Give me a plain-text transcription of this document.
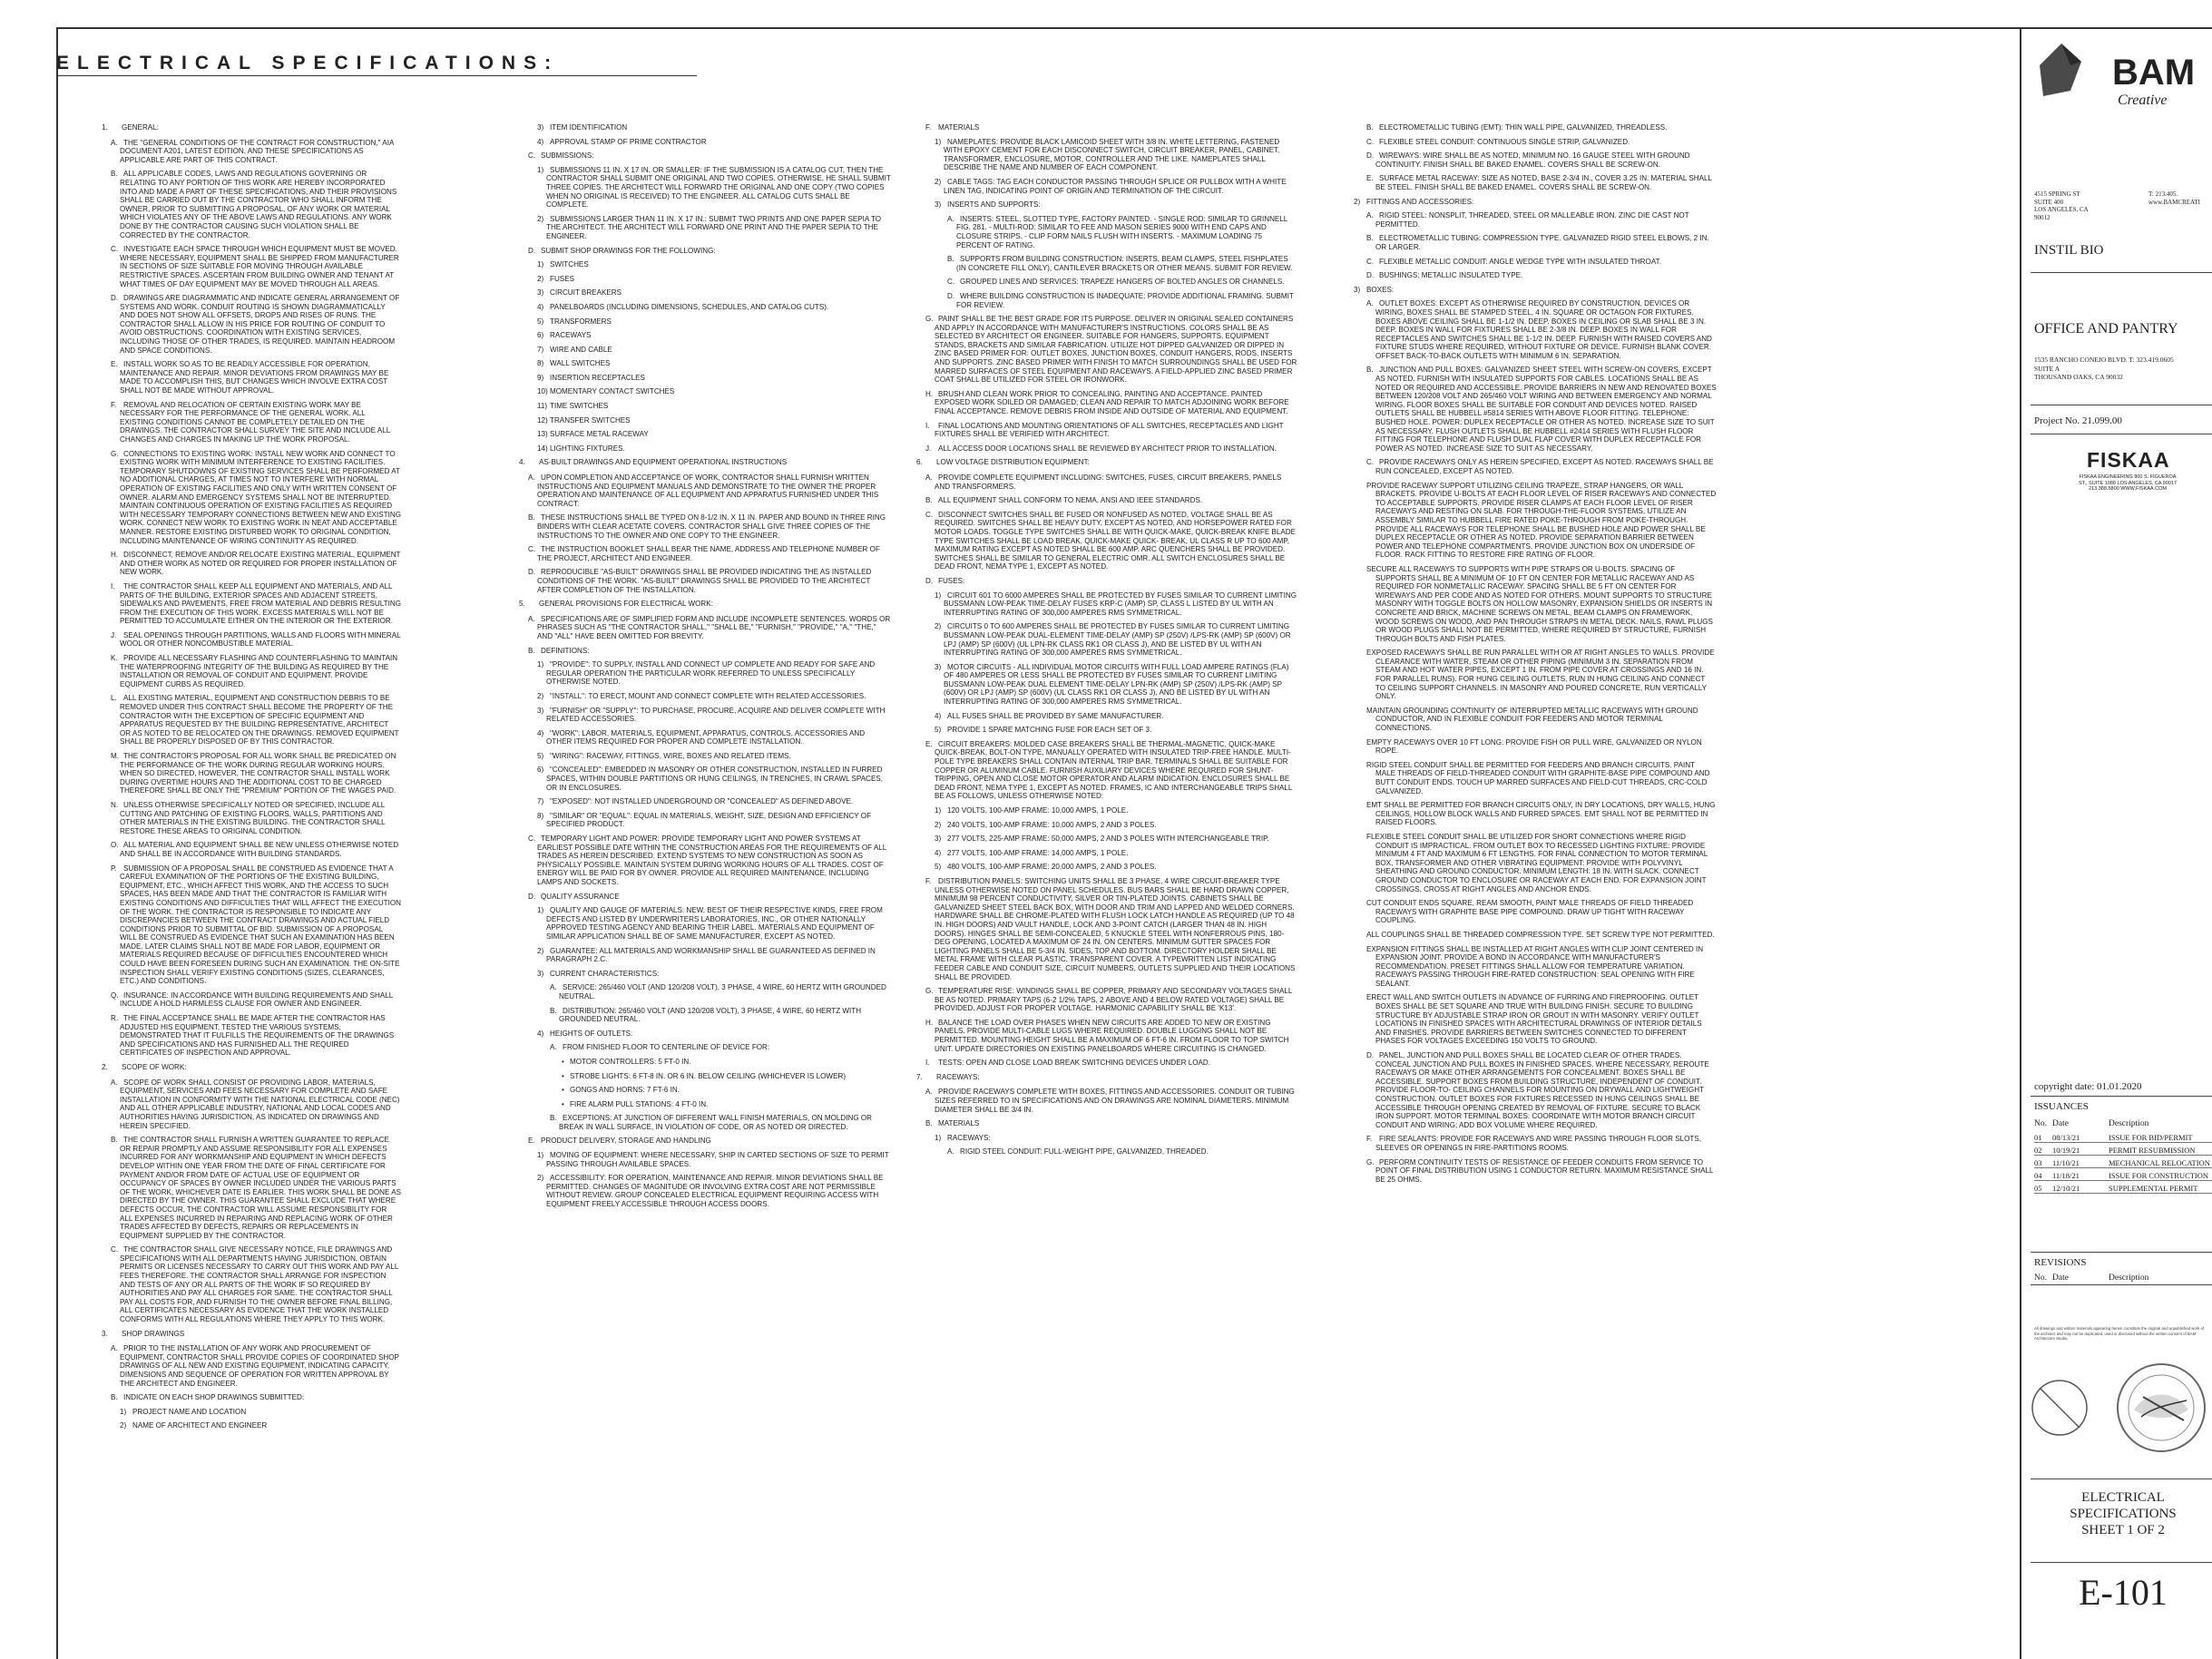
ELECTRICAL SPECIFICATIONS:

1. GENERAL:

A. THE "GENERAL CONDITIONS OF THE CONTRACT FOR CONSTRUCTION," AIA DOCUMENT A201, LATEST EDITION, AND THESE SPECIFICATIONS AS APPLICABLE ARE PART OF THIS CONTRACT.

B. ALL APPLICABLE CODES, LAWS AND REGULATIONS GOVERNING OR RELATING TO ANY PORTION OF THIS WORK ARE HEREBY INCORPORATED INTO AND MADE A PART OF THESE SPECIFICATIONS, AND THEIR PROVISIONS SHALL BE CARRIED OUT BY THE CONTRACTOR WHO SHALL INFORM THE OWNER, PRIOR TO SUBMITTING A PROPOSAL, OF ANY WORK OR MATERIAL WHICH VIOLATES ANY OF THE ABOVE LAWS AND REGULATIONS. ANY WORK DONE BY THE CONTRACTOR CAUSING SUCH VIOLATION SHALL BE CORRECTED BY THE CONTRACTOR.

C. INVESTIGATE EACH SPACE THROUGH WHICH EQUIPMENT MUST BE MOVED. WHERE NECESSARY, EQUIPMENT SHALL BE SHIPPED FROM MANUFACTURER IN SECTIONS OF SIZE SUITABLE FOR MOVING THROUGH AVAILABLE RESTRICTIVE SPACES. ASCERTAIN FROM BUILDING OWNER AND TENANT AT WHAT TIMES OF DAY EQUIPMENT MAY BE MOVED THROUGH ALL AREAS.

D. DRAWINGS ARE DIAGRAMMATIC AND INDICATE GENERAL ARRANGEMENT OF SYSTEMS AND WORK. CONDUIT ROUTING IS SHOWN DIAGRAMMATICALLY AND DOES NOT SHOW ALL OFFSETS, DROPS AND RISES OF RUNS. THE CONTRACTOR SHALL ALLOW IN HIS PRICE FOR ROUTING OF CONDUIT TO AVOID OBSTRUCTIONS. COORDINATION WITH EXISTING SERVICES, INCLUDING THOSE OF OTHER TRADES, IS REQUIRED. MAINTAIN HEADROOM AND SPACE CONDITIONS.

E. INSTALL WORK SO AS TO BE READILY ACCESSIBLE FOR OPERATION, MAINTENANCE AND REPAIR. MINOR DEVIATIONS FROM DRAWINGS MAY BE MADE TO ACCOMPLISH THIS, BUT CHANGES WHICH INVOLVE EXTRA COST SHALL NOT BE MADE WITHOUT APPROVAL.

F. REMOVAL AND RELOCATION OF CERTAIN EXISTING WORK MAY BE NECESSARY FOR THE PERFORMANCE OF THE GENERAL WORK. ALL EXISTING CONDITIONS CANNOT BE COMPLETELY DETAILED ON THE DRAWINGS. THE CONTRACTOR SHALL SURVEY THE SITE AND INCLUDE ALL CHANGES AND CHARGES IN MAKING UP THE WORK PROPOSAL.

G. CONNECTIONS TO EXISTING WORK: INSTALL NEW WORK AND CONNECT TO EXISTING WORK WITH MINIMUM INTERFERENCE TO EXISTING FACILITIES. TEMPORARY SHUTDOWNS OF EXISTING SERVICES SHALL BE PERFORMED AT NO ADDITIONAL CHARGES, AT TIMES NOT TO INTERFERE WITH NORMAL OPERATION OF EXISTING FACILITIES AND ONLY WITH WRITTEN CONSENT OF OWNER. ALARM AND EMERGENCY SYSTEMS SHALL NOT BE INTERRUPTED. MAINTAIN CONTINUOUS OPERATION OF EXISTING FACILITIES AS REQUIRED WITH NECESSARY TEMPORARY CONNECTIONS BETWEEN NEW AND EXISTING WORK. CONNECT NEW WORK TO EXISTING WORK IN NEAT AND ACCEPTABLE MANNER. RESTORE EXISTING DISTURBED WORK TO ORIGINAL CONDITION, INCLUDING MAINTENANCE OF WIRING CONTINUITY AS REQUIRED.

H. DISCONNECT, REMOVE AND/OR RELOCATE EXISTING MATERIAL, EQUIPMENT AND OTHER WORK AS NOTED OR REQUIRED FOR PROPER INSTALLATION OF NEW WORK.

I. THE CONTRACTOR SHALL KEEP ALL EQUIPMENT AND MATERIALS, AND ALL PARTS OF THE BUILDING, EXTERIOR SPACES AND ADJACENT STREETS, SIDEWALKS AND PAVEMENTS, FREE FROM MATERIAL AND DEBRIS RESULTING FROM THE EXECUTION OF THIS WORK. EXCESS MATERIALS WILL NOT BE PERMITTED TO ACCUMULATE EITHER ON THE INTERIOR OR THE EXTERIOR.

J. SEAL OPENINGS THROUGH PARTITIONS, WALLS AND FLOORS WITH MINERAL WOOL OR OTHER NONCOMBUSTIBLE MATERIAL.

K. PROVIDE ALL NECESSARY FLASHING AND COUNTERFLASHING TO MAINTAIN THE WATERPROOFING INTEGRITY OF THE BUILDING AS REQUIRED BY THE INSTALLATION OR REMOVAL OF CONDUIT AND EQUIPMENT. PROVIDE EQUIPMENT CURBS AS REQUIRED.

L. ALL EXISTING MATERIAL, EQUIPMENT AND CONSTRUCTION DEBRIS TO BE REMOVED UNDER THIS CONTRACT SHALL BECOME THE PROPERTY OF THE CONTRACTOR WITH THE EXCEPTION OF SPECIFIC EQUIPMENT AND APPARATUS REQUESTED BY THE BUILDING REPRESENTATIVE, ARCHITECT OR AS NOTED TO BE RELOCATED ON THE DRAWINGS. REMOVED EQUIPMENT SHALL BE PROPERLY DISPOSED OF BY THIS CONTRACTOR.

M. THE CONTRACTOR'S PROPOSAL FOR ALL WORK SHALL BE PREDICATED ON THE PERFORMANCE OF THE WORK DURING REGULAR WORKING HOURS. WHEN SO DIRECTED, HOWEVER, THE CONTRACTOR SHALL INSTALL WORK DURING OVERTIME HOURS AND THE ADDITIONAL COST TO BE CHARGED THEREFORE SHALL BE ONLY THE "PREMIUM" PORTION OF THE WAGES PAID.

N. UNLESS OTHERWISE SPECIFICALLY NOTED OR SPECIFIED, INCLUDE ALL CUTTING AND PATCHING OF EXISTING FLOORS, WALLS, PARTITIONS AND OTHER MATERIALS IN THE EXISTING BUILDING. THE CONTRACTOR SHALL RESTORE THESE AREAS TO ORIGINAL CONDITION.

O. ALL MATERIAL AND EQUIPMENT SHALL BE NEW UNLESS OTHERWISE NOTED AND SHALL BE IN ACCORDANCE WITH BUILDING STANDARDS.

P. SUBMISSION OF A PROPOSAL SHALL BE CONSTRUED AS EVIDENCE THAT A CAREFUL EXAMINATION OF THE PORTIONS OF THE EXISTING BUILDING, EQUIPMENT, ETC., WHICH AFFECT THIS WORK, AND THE ACCESS TO SUCH SPACES, HAS BEEN MADE AND THAT THE CONTRACTOR IS FAMILIAR WITH EXISTING CONDITIONS AND DIFFICULTIES THAT WILL AFFECT THE EXECUTION OF THE WORK. THE CONTRACTOR IS RESPONSIBLE TO INDICATE ANY DISCREPANCIES BETWEEN THE CONTRACT DRAWINGS AND ACTUAL FIELD CONDITIONS PRIOR TO SUBMITTAL OF BID. SUBMISSION OF A PROPOSAL WILL BE CONSTRUED AS EVIDENCE THAT SUCH AN EXAMINATION HAS BEEN MADE. LATER CLAIMS SHALL NOT BE MADE FOR LABOR, EQUIPMENT OR MATERIALS REQUIRED BECAUSE OF DIFFICULTIES ENCOUNTERED WHICH COULD HAVE BEEN FORESEEN DURING SUCH AN EXAMINATION. THE ON-SITE INSPECTION SHALL VERIFY EXISTING CONDITIONS (SIZES, CLEARANCES, ETC.) AND CONDITIONS.

Q. INSURANCE: IN ACCORDANCE WITH BUILDING REQUIREMENTS AND SHALL INCLUDE A HOLD HARMLESS CLAUSE FOR OWNER AND ENGINEER.

R. THE FINAL ACCEPTANCE SHALL BE MADE AFTER THE CONTRACTOR HAS ADJUSTED HIS EQUIPMENT, TESTED THE VARIOUS SYSTEMS, DEMONSTRATED THAT IT FULFILLS THE REQUIREMENTS OF THE DRAWINGS AND SPECIFICATIONS AND HAS FURNISHED ALL THE REQUIRED CERTIFICATES OF INSPECTION AND APPROVAL.

2. SCOPE OF WORK:

A. SCOPE OF WORK SHALL CONSIST OF PROVIDING LABOR, MATERIALS, EQUIPMENT, SERVICES AND FEES NECESSARY FOR COMPLETE AND SAFE INSTALLATION IN CONFORMITY WITH THE NATIONAL ELECTRICAL CODE (NEC) AND ALL OTHER APPLICABLE INDUSTRY, NATIONAL AND LOCAL CODES AND AUTHORITIES HAVING JURISDICTION, AS INDICATED ON DRAWINGS AND HEREIN SPECIFIED.

B. THE CONTRACTOR SHALL FURNISH A WRITTEN GUARANTEE TO REPLACE OR REPAIR PROMPTLY AND ASSUME RESPONSIBILITY FOR ALL EXPENSES INCURRED FOR ANY WORKMANSHIP AND EQUIPMENT IN WHICH DEFECTS DEVELOP WITHIN ONE YEAR FROM THE DATE OF FINAL CERTIFICATE FOR PAYMENT AND/OR FROM DATE OF ACTUAL USE OF EQUIPMENT OR OCCUPANCY OF SPACES BY OWNER INCLUDED UNDER THE VARIOUS PARTS OF THE WORK, WHICHEVER DATE IS EARLIER. THIS WORK SHALL BE DONE AS DIRECTED BY THE OWNER. THIS GUARANTEE SHALL EXCLUDE THAT WHERE DEFECTS OCCUR, THE CONTRACTOR WILL ASSUME RESPONSIBILITY FOR ALL EXPENSES INCURRED IN REPAIRING AND REPLACING WORK OF OTHER TRADES AFFECTED BY DEFECTS, REPAIRS OR REPLACEMENTS IN EQUIPMENT SUPPLIED BY THE CONTRACTOR.

C. THE CONTRACTOR SHALL GIVE NECESSARY NOTICE, FILE DRAWINGS AND SPECIFICATIONS WITH ALL DEPARTMENTS HAVING JURISDICTION, OBTAIN PERMITS OR LICENSES NECESSARY TO CARRY OUT THIS WORK AND PAY ALL FEES THEREFORE. THE CONTRACTOR SHALL ARRANGE FOR INSPECTION AND TESTS OF ANY OR ALL PARTS OF THE WORK IF SO REQUIRED BY AUTHORITIES AND PAY ALL CHARGES FOR SAME. THE CONTRACTOR SHALL PAY ALL COSTS FOR, AND FURNISH TO THE OWNER BEFORE FINAL BILLING, ALL CERTIFICATES NECESSARY AS EVIDENCE THAT THE WORK INSTALLED CONFORMS WITH ALL REGULATIONS WHERE THEY APPLY TO THIS WORK.

3. SHOP DRAWINGS

A. PRIOR TO THE INSTALLATION OF ANY WORK AND PROCUREMENT OF EQUIPMENT, CONTRACTOR SHALL PROVIDE COPIES OF COORDINATED SHOP DRAWINGS OF ALL NEW AND EXISTING EQUIPMENT, INDICATING CAPACITY, DIMENSIONS AND SEQUENCE OF OPERATION FOR WRITTEN APPROVAL BY THE ARCHITECT AND ENGINEER.

B. INDICATE ON EACH SHOP DRAWINGS SUBMITTED:

1) PROJECT NAME AND LOCATION

2) NAME OF ARCHITECT AND ENGINEER

3) ITEM IDENTIFICATION

4) APPROVAL STAMP OF PRIME CONTRACTOR

C. SUBMISSIONS:

1) SUBMISSIONS 11 IN. X 17 IN. OR SMALLER: IF THE SUBMISSION IS A CATALOG CUT, THEN THE CONTRACTOR SHALL SUBMIT ONE ORIGINAL AND TWO COPIES. OTHERWISE, HE SHALL SUBMIT THREE COPIES. THE ARCHITECT WILL FORWARD THE ORIGINAL AND ONE COPY (TWO COPIES WHEN NO ORIGINAL IS RECEIVED) TO THE ENGINEER. ALL CATALOG CUTS SHALL BE COMPLETE.

2) SUBMISSIONS LARGER THAN 11 IN. X 17 IN.: SUBMIT TWO PRINTS AND ONE PAPER SEPIA TO THE ARCHITECT. THE ARCHITECT WILL FORWARD ONE PRINT AND THE PAPER SEPIA TO THE ENGINEER.

D. SUBMIT SHOP DRAWINGS FOR THE FOLLOWING:

1) SWITCHES

2) FUSES

3) CIRCUIT BREAKERS

4) PANELBOARDS (INCLUDING DIMENSIONS, SCHEDULES, AND CATALOG CUTS).

5) TRANSFORMERS

6) RACEWAYS

7) WIRE AND CABLE

8) WALL SWITCHES

9) INSERTION RECEPTACLES

10) MOMENTARY CONTACT SWITCHES

11) TIME SWITCHES

12) TRANSFER SWITCHES

13) SURFACE METAL RACEWAY

14) LIGHTING FIXTURES.

4. AS-BUILT DRAWINGS AND EQUIPMENT OPERATIONAL INSTRUCTIONS

A. UPON COMPLETION AND ACCEPTANCE OF WORK, CONTRACTOR SHALL FURNISH WRITTEN INSTRUCTIONS AND EQUIPMENT MANUALS AND DEMONSTRATE TO THE OWNER THE PROPER OPERATION AND MAINTENANCE OF ALL EQUIPMENT AND APPARATUS FURNISHED UNDER THIS CONTRACT.

B. THESE INSTRUCTIONS SHALL BE TYPED ON 8-1/2 IN. X 11 IN. PAPER AND BOUND IN THREE RING BINDERS WITH CLEAR ACETATE COVERS. CONTRACTOR SHALL GIVE THREE COPIES OF THE INSTRUCTIONS TO THE OWNER AND ONE COPY TO THE ENGINEER.

C. THE INSTRUCTION BOOKLET SHALL BEAR THE NAME, ADDRESS AND TELEPHONE NUMBER OF THE PROJECT, ARCHITECT AND ENGINEER.

D. REPRODUCIBLE "AS-BUILT" DRAWINGS SHALL BE PROVIDED INDICATING THE AS INSTALLED CONDITIONS OF THE WORK. "AS-BUILT" DRAWINGS SHALL BE PROVIDED TO THE ARCHITECT AFTER COMPLETION OF THE INSTALLATION.

5. GENERAL PROVISIONS FOR ELECTRICAL WORK:

A. SPECIFICATIONS ARE OF SIMPLIFIED FORM AND INCLUDE INCOMPLETE SENTENCES. WORDS OR PHRASES SUCH AS "THE CONTRACTOR SHALL," "SHALL BE," "FURNISH," "PROVIDE," "A," "THE," AND "ALL" HAVE BEEN OMITTED FOR BREVITY.

B. DEFINITIONS:

1) "PROVIDE": TO SUPPLY, INSTALL AND CONNECT UP COMPLETE AND READY FOR SAFE AND REGULAR OPERATION THE PARTICULAR WORK REFERRED TO UNLESS SPECIFICALLY OTHERWISE NOTED.

2) "INSTALL": TO ERECT, MOUNT AND CONNECT COMPLETE WITH RELATED ACCESSORIES.

3) "FURNISH" OR "SUPPLY": TO PURCHASE, PROCURE, ACQUIRE AND DELIVER COMPLETE WITH RELATED ACCESSORIES.

4) "WORK": LABOR, MATERIALS, EQUIPMENT, APPARATUS, CONTROLS, ACCESSORIES AND OTHER ITEMS REQUIRED FOR PROPER AND COMPLETE INSTALLATION.

5) "WIRING": RACEWAY, FITTINGS, WIRE, BOXES AND RELATED ITEMS.

6) "CONCEALED": EMBEDDED IN MASONRY OR OTHER CONSTRUCTION, INSTALLED IN FURRED SPACES, WITHIN DOUBLE PARTITIONS OR HUNG CEILINGS, IN TRENCHES, IN CRAWL SPACES, OR IN ENCLOSURES.

7) "EXPOSED": NOT INSTALLED UNDERGROUND OR "CONCEALED" AS DEFINED ABOVE.

8) "SIMILAR" OR "EQUAL": EQUAL IN MATERIALS, WEIGHT, SIZE, DESIGN AND EFFICIENCY OF SPECIFIED PRODUCT.

C. TEMPORARY LIGHT AND POWER: PROVIDE TEMPORARY LIGHT AND POWER SYSTEMS AT EARLIEST POSSIBLE DATE WITHIN THE CONSTRUCTION AREAS FOR THE REQUIREMENTS OF ALL TRADES AS HEREIN DESCRIBED. EXTEND SYSTEMS TO NEW CONSTRUCTION AS SOON AS PHYSICALLY POSSIBLE. MAINTAIN SYSTEM DURING WORKING HOURS OF ALL TRADES. COST OF ENERGY WILL BE PAID FOR BY OWNER. PROVIDE ALL REQUIRED MAINTENANCE, INCLUDING LAMPS AND SOCKETS.

D. QUALITY ASSURANCE

1) QUALITY AND GAUGE OF MATERIALS: NEW, BEST OF THEIR RESPECTIVE KINDS, FREE FROM DEFECTS AND LISTED BY UNDERWRITERS LABORATORIES, INC., OR OTHER NATIONALLY APPROVED TESTING AGENCY AND BEARING THEIR LABEL. MATERIALS AND EQUIPMENT OF SIMILAR APPLICATION SHALL BE OF SAME MANUFACTURER, EXCEPT AS NOTED.

2) GUARANTEE: ALL MATERIALS AND WORKMANSHIP SHALL BE GUARANTEED AS DEFINED IN PARAGRAPH 2.C.

3) CURRENT CHARACTERISTICS:

A. SERVICE: 265/460 VOLT (AND 120/208 VOLT), 3 PHASE, 4 WIRE, 60 HERTZ WITH GROUNDED NEUTRAL.

B. DISTRIBUTION: 265/460 VOLT (AND 120/208 VOLT), 3 PHASE, 4 WIRE, 60 HERTZ WITH GROUNDED NEUTRAL.

4) HEIGHTS OF OUTLETS:

A. FROM FINISHED FLOOR TO CENTERLINE OF DEVICE FOR:

• MOTOR CONTROLLERS: 5 FT-0 IN.

• STROBE LIGHTS: 6 FT-8 IN. OR 6 IN. BELOW CEILING (WHICHEVER IS LOWER)

• GONGS AND HORNS: 7 FT-6 IN.

• FIRE ALARM PULL STATIONS: 4 FT-0 IN.

B. EXCEPTIONS: AT JUNCTION OF DIFFERENT WALL FINISH MATERIALS, ON MOLDING OR BREAK IN WALL SURFACE, IN VIOLATION OF CODE, OR AS NOTED OR DIRECTED.

E. PRODUCT DELIVERY, STORAGE AND HANDLING

1) MOVING OF EQUIPMENT: WHERE NECESSARY, SHIP IN CARTED SECTIONS OF SIZE TO PERMIT PASSING THROUGH AVAILABLE SPACES.

2) ACCESSIBILITY: FOR OPERATION, MAINTENANCE AND REPAIR. MINOR DEVIATIONS SHALL BE PERMITTED. CHANGES OF MAGNITUDE OR INVOLVING EXTRA COST ARE NOT PERMISSIBLE WITHOUT REVIEW. GROUP CONCEALED ELECTRICAL EQUIPMENT REQUIRING ACCESS WITH EQUIPMENT FREELY ACCESSIBLE THROUGH ACCESS DOORS.

F. MATERIALS

1) NAMEPLATES: PROVIDE BLACK LAMICOID SHEET WITH 3/8 IN. WHITE LETTERING, FASTENED WITH EPOXY CEMENT FOR EACH DISCONNECT SWITCH, CIRCUIT BREAKER, PANEL, CABINET, TRANSFORMER, ENCLOSURE, MOTOR, CONTROLLER AND THE LIKE. NAMEPLATES SHALL DESCRIBE THE NAME AND NUMBER OF EACH COMPONENT.

2) CABLE TAGS: TAG EACH CONDUCTOR PASSING THROUGH SPLICE OR PULLBOX WITH A WHITE LINEN TAG, INDICATING POINT OF ORIGIN AND TERMINATION OF THE CIRCUIT.

3) INSERTS AND SUPPORTS:

A. INSERTS: STEEL, SLOTTED TYPE, FACTORY PAINTED. - SINGLE ROD: SIMILAR TO GRINNELL FIG. 281. - MULTI-ROD: SIMILAR TO FEE AND MASON SERIES 9000 WITH END CAPS AND CLOSURE STRIPS. - CLIP FORM NAILS FLUSH WITH INSERTS. - MAXIMUM LOADING 75 PERCENT OF RATING.

B. SUPPORTS FROM BUILDING CONSTRUCTION: INSERTS, BEAM CLAMPS, STEEL FISHPLATES (IN CONCRETE FILL ONLY), CANTILEVER BRACKETS OR OTHER MEANS. SUBMIT FOR REVIEW.

C. GROUPED LINES AND SERVICES: TRAPEZE HANGERS OF BOLTED ANGLES OR CHANNELS.

D. WHERE BUILDING CONSTRUCTION IS INADEQUATE: PROVIDE ADDITIONAL FRAMING. SUBMIT FOR REVIEW.

G. PAINT SHALL BE THE BEST GRADE FOR ITS PURPOSE. DELIVER IN ORIGINAL SEALED CONTAINERS AND APPLY IN ACCORDANCE WITH MANUFACTURER'S INSTRUCTIONS. COLORS SHALL BE AS SELECTED BY ARCHITECT OR ENGINEER. SUITABLE FOR HANGERS, SUPPORTS, EQUIPMENT STANDS, BRACKETS AND SIMILAR FABRICATION. UTILIZE HOT DIPPED GALVANIZED OR DIPPED IN ZINC BASED PRIMER FOR: OUTLET BOXES, JUNCTION BOXES, CONDUIT HANGERS, RODS, INSERTS AND SUPPORTS. ZINC BASED PRIMER WITH FINISH TO MATCH SURROUNDINGS SHALL BE USED FOR MARRED SURFACES OF STEEL EQUIPMENT AND RACEWAYS. A FIELD-APPLIED ZINC BASED PRIMER COAT SHALL BE UTILIZED FOR STEEL OR IRONWORK.

H. BRUSH AND CLEAN WORK PRIOR TO CONCEALING, PAINTING AND ACCEPTANCE. PAINTED EXPOSED WORK SOILED OR DAMAGED; CLEAN AND REPAIR TO MATCH ADJOINING WORK BEFORE FINAL ACCEPTANCE. REMOVE DEBRIS FROM INSIDE AND OUTSIDE OF MATERIAL AND EQUIPMENT.

I. FINAL LOCATIONS AND MOUNTING ORIENTATIONS OF ALL SWITCHES, RECEPTACLES AND LIGHT FIXTURES SHALL BE VERIFIED WITH ARCHITECT.

J. ALL ACCESS DOOR LOCATIONS SHALL BE REVIEWED BY ARCHITECT PRIOR TO INSTALLATION.

6. LOW VOLTAGE DISTRIBUTION EQUIPMENT:

A. PROVIDE COMPLETE EQUIPMENT INCLUDING: SWITCHES, FUSES, CIRCUIT BREAKERS, PANELS AND TRANSFORMERS.

B. ALL EQUIPMENT SHALL CONFORM TO NEMA, ANSI AND IEEE STANDARDS.

C. DISCONNECT SWITCHES SHALL BE FUSED OR NONFUSED AS NOTED, VOLTAGE SHALL BE AS REQUIRED. SWITCHES SHALL BE HEAVY DUTY, EXCEPT AS NOTED, AND HORSEPOWER RATED FOR MOTOR LOADS. TOGGLE TYPE SWITCHES SHALL BE WITH QUICK-MAKE, QUICK-BREAK KNIFE BLADE TYPE SWITCHES SHALL BE LOAD BREAK, QUICK-MAKE QUICK- BREAK, UL CLASS R UP TO 600 AMP, MAXIMUM RATING EXCEPT AS NOTED SHALL BE 600 AMP. ARC QUENCHERS SHALL BE PROVIDED. SWITCHES SHALL BE SIMILAR TO GENERAL ELECTRIC OMR. ALL SWITCH ENCLOSURES SHALL BE DEAD FRONT, NEMA TYPE 1, EXCEPT AS NOTED.

D. FUSES:

1) CIRCUIT 601 TO 6000 AMPERES SHALL BE PROTECTED BY FUSES SIMILAR TO CURRENT LIMITING BUSSMANN LOW-PEAK TIME-DELAY FUSES KRP-C (AMP) SP, CLASS L LISTED BY UL WITH AN INTERRUPTING RATING OF 300,000 AMPERES RMS SYMMETRICAL.

2) CIRCUITS 0 TO 600 AMPERES SHALL BE PROTECTED BY FUSES SIMILAR TO CURRENT LIMITING BUSSMANN LOW-PEAK DUAL-ELEMENT TIME-DELAY (AMP) SP (250V) /LPS-RK (AMP) SP (600V) OR LPJ (AMP) SP (600V) (UL LPN-RK CLASS RK1 OR CLASS J), AND BE LISTED BY UL WITH AN INTERRUPTING RATING OF 300,000 AMPERES RMS SYMMETRICAL.

3) MOTOR CIRCUITS - ALL INDIVIDUAL MOTOR CIRCUITS WITH FULL LOAD AMPERE RATINGS (FLA) OF 480 AMPERES OR LESS SHALL BE PROTECTED BY FUSES SIMILAR TO CURRENT LIMITING BUSSMANN LOW-PEAK DUAL ELEMENT TIME-DELAY LPN-RK (AMP) SP (250V) /LPS-RK (AMP) SP (600V) OR LPJ (AMP) SP (600V) (UL CLASS RK1 OR CLASS J), AND BE LISTED BY UL WITH AN INTERRUPTING RATING OF 300,000 AMPERES RMS SYMMETRICAL.

4) ALL FUSES SHALL BE PROVIDED BY SAME MANUFACTURER.

5) PROVIDE 1 SPARE MATCHING FUSE FOR EACH SET OF 3.

E. CIRCUIT BREAKERS: MOLDED CASE BREAKERS SHALL BE THERMAL-MAGNETIC, QUICK-MAKE QUICK-BREAK, BOLT-ON TYPE, MANUALLY OPERATED WITH INSULATED TRIP-FREE HANDLE. MULTI-POLE TYPE BREAKERS SHALL CONTAIN INTERNAL TRIP BAR. TERMINALS SHALL BE SUITABLE FOR COPPER OR ALUMINUM CABLE. FURNISH AUXILIARY DEVICES WHERE REQUIRED FOR SHUNT-TRIPPING, OPEN AND CLOSE MOTOR OPERATOR AND ALARM INDICATION. ENCLOSURES SHALL BE DEAD FRONT, NEMA TYPE 1, EXCEPT AS NOTED. FRAMES, IC AND INTERCHANGEABLE TRIPS SHALL BE AS FOLLOWS, UNLESS OTHERWISE NOTED:

1) 120 VOLTS, 100-AMP FRAME: 10,000 AMPS, 1 POLE.

2) 240 VOLTS, 100-AMP FRAME: 10,000 AMPS, 2 AND 3 POLES.

3) 277 VOLTS, 225-AMP FRAME: 50,000 AMPS, 2 AND 3 POLES WITH INTERCHANGEABLE TRIP.

4) 277 VOLTS, 100-AMP FRAME: 14,000 AMPS, 1 POLE.

5) 480 VOLTS, 100-AMP FRAME: 20,000 AMPS, 2 AND 3 POLES.

F. DISTRIBUTION PANELS: SWITCHING UNITS SHALL BE 3 PHASE, 4 WIRE CIRCUIT-BREAKER TYPE UNLESS OTHERWISE NOTED ON PANEL SCHEDULES. BUS BARS SHALL BE HARD DRAWN COPPER, MINIMUM 98 PERCENT CONDUCTIVITY, SILVER OR TIN-PLATED JOINTS. CABINETS SHALL BE GALVANIZED SHEET STEEL BACK BOX, WITH DOOR AND TRIM AND LAPPED AND WELDED CORNERS. HARDWARE SHALL BE CHROME-PLATED WITH FLUSH LOCK LATCH HANDLE AS REQUIRED (UP TO 48 IN. HIGH DOORS) AND VAULT HANDLE, LOCK AND 3-POINT CATCH (LARGER THAN 48 IN. HIGH DOORS). HINGES SHALL BE SEMI-CONCEALED, 5 KNUCKLE STEEL WITH NONFERROUS PINS, 180-DEG OPENING, LOCATED A MAXIMUM OF 24 IN. ON CENTERS. MINIMUM GUTTER SPACES FOR LIGHTING PANELS SHALL BE 5-3/4 IN. SIDES, TOP AND BOTTOM. DIRECTORY HOLDER SHALL BE METAL FRAME WITH CLEAR PLASTIC, TRANSPARENT COVER. A TYPEWRITTEN LIST INDICATING FEEDER CABLE AND CONDUIT SIZE, CIRCUIT NUMBERS, OUTLETS SUPPLIED AND THEIR LOCATIONS SHALL BE PROVIDED.

G. TEMPERATURE RISE: WINDINGS SHALL BE COPPER, PRIMARY AND SECONDARY VOLTAGES SHALL BE AS NOTED. PRIMARY TAPS (6-2 1/2% TAPS, 2 ABOVE AND 4 BELOW RATED VOLTAGE) SHALL BE PROVIDED. ADJUST FOR PROPER VOLTAGE. HARMONIC CAPABILITY SHALL BE 'K13'.

H. BALANCE THE LOAD OVER PHASES WHEN NEW CIRCUITS ARE ADDED TO NEW OR EXISTING PANELS. PROVIDE MULTI-CABLE LUGS WHERE REQUIRED. DOUBLE LUGGING SHALL NOT BE PERMITTED. MOUNTING HEIGHT SHALL BE A MAXIMUM OF 6 FT-6 IN. FROM FLOOR TO TOP SWITCH UNIT. UPDATE DIRECTORIES ON EXISTING PANELBOARDS WHERE CIRCUITING IS CHANGED.

I. TESTS: OPEN AND CLOSE LOAD BREAK SWITCHING DEVICES UNDER LOAD.

7. RACEWAYS:

A. PROVIDE RACEWAYS COMPLETE WITH BOXES, FITTINGS AND ACCESSORIES. CONDUIT OR TUBING SIZES REFERRED TO IN SPECIFICATIONS AND ON DRAWINGS ARE NOMINAL DIAMETERS. MINIMUM DIAMETER SHALL BE 3/4 IN.

B. MATERIALS

1) RACEWAYS:

A. RIGID STEEL CONDUIT: FULL-WEIGHT PIPE, GALVANIZED, THREADED.

B. ELECTROMETALLIC TUBING (EMT): THIN WALL PIPE, GALVANIZED, THREADLESS.

C. FLEXIBLE STEEL CONDUIT: CONTINUOUS SINGLE STRIP, GALVANIZED.

D. WIREWAYS: WIRE SHALL BE AS NOTED, MINIMUM NO. 16 GAUGE STEEL WITH GROUND CONTINUITY. FINISH SHALL BE BAKED ENAMEL. COVERS SHALL BE SCREW-ON.

E. SURFACE METAL RACEWAY: SIZE AS NOTED, BASE 2-3/4 IN., COVER 3.25 IN. MATERIAL SHALL BE STEEL. FINISH SHALL BE BAKED ENAMEL. COVERS SHALL BE SCREW-ON.

2) FITTINGS AND ACCESSORIES:

A. RIGID STEEL: NONSPLIT, THREADED, STEEL OR MALLEABLE IRON. ZINC DIE CAST NOT PERMITTED.

B. ELECTROMETALLIC TUBING: COMPRESSION TYPE. GALVANIZED RIGID STEEL ELBOWS, 2 IN. OR LARGER.

C. FLEXIBLE METALLIC CONDUIT: ANGLE WEDGE TYPE WITH INSULATED THROAT.

D. BUSHINGS: METALLIC INSULATED TYPE.

3) BOXES:

A. OUTLET BOXES: EXCEPT AS OTHERWISE REQUIRED BY CONSTRUCTION, DEVICES OR WIRING, BOXES SHALL BE STAMPED STEEL, 4 IN. SQUARE OR OCTAGON FOR FIXTURES. BOXES ABOVE CEILING SHALL BE 1-1/2 IN. DEEP. BOXES IN CEILING OR SLAB SHALL BE 3 IN. DEEP. BOXES IN WALL FOR FIXTURES SHALL BE 2-3/8 IN. DEEP. BOXES IN WALL FOR RECEPTACLES AND SWITCHES SHALL BE 1-1/2 IN. DEEP. FURNISH WITH RAISED COVERS AND FIXTURE STUDS WHERE REQUIRED, WITHOUT FIXTURE OR DEVICE. FURNISH BLANK COVER. OFFSET BACK-TO-BACK OUTLETS WITH MINIMUM 6 IN. SEPARATION.

B. JUNCTION AND PULL BOXES: GALVANIZED SHEET STEEL WITH SCREW-ON COVERS, EXCEPT AS NOTED. FURNISH WITH INSULATED SUPPORTS FOR CABLES. LOCATIONS SHALL BE AS NOTED OR REQUIRED AND ACCESSIBLE. PROVIDE BARRIERS IN NEW AND RENOVATED BOXES BETWEEN 120/208 VOLT AND 265/460 VOLT WIRING AND BETWEEN EMERGENCY AND NORMAL WIRING. FLOOR BOXES SHALL BE SUITABLE FOR CONDUIT AND DEVICES NOTED. RAISED OUTLETS SHALL BE HUBBELL #5814 SERIES WITH ABOVE FLOOR FITTING. TELEPHONE: BUSHED HOLE. POWER: DUPLEX RECEPTACLE OR OTHER AS NOTED. INCREASE SIZE TO SUIT AS NECESSARY. FLUSH OUTLETS SHALL BE HUBBELL #2414 SERIES WITH FLUSH FLOOR FITTING FOR TELEPHONE AND FLUSH DUAL FLAP COVER WITH DUPLEX RECEPTACLE FOR POWER AS NOTED. INCREASE SIZE TO SUIT AS NECESSARY.

C. PROVIDE RACEWAYS ONLY AS HEREIN SPECIFIED, EXCEPT AS NOTED. RACEWAYS SHALL BE RUN CONCEALED, EXCEPT AS NOTED.

PROVIDE RACEWAY SUPPORT UTILIZING CEILING TRAPEZE, STRAP HANGERS, OR WALL BRACKETS. PROVIDE U-BOLTS AT EACH FLOOR LEVEL OF RISER RACEWAYS AND CONNECTED TO ACCEPTABLE SUPPORTS. PROVIDE RISER CLAMPS AT EACH FLOOR LEVEL OF RISER RACEWAYS AND RESTING ON SLAB. FOR THROUGH-THE-FLOOR SYSTEMS, UTILIZE AN ASSEMBLY SIMILAR TO HUBBELL FIRE RATED POKE-THROUGH FROM POKE-THROUGH. PROVIDE ALL RACEWAYS FOR TELEPHONE SHALL BE BUSHED HOLE AND POWER SHALL BE DUPLEX RECEPTACLE OR OTHER AS NOTED. PROVIDE SEPARATION BARRIER BETWEEN POWER AND TELEPHONE COMPARTMENTS. PROVIDE JUNCTION BOX ON UNDERSIDE OF FLOOR. RACK FITTING TO RESTORE FIRE RATING OF FLOOR.

SECURE ALL RACEWAYS TO SUPPORTS WITH PIPE STRAPS OR U-BOLTS. SPACING OF SUPPORTS SHALL BE A MINIMUM OF 10 FT ON CENTER FOR METALLIC RACEWAY AND AS REQUIRED FOR NONMETALLIC RACEWAY. SPACING SHALL BE 5 FT ON CENTER FOR WIREWAYS AND PER CODE AND AS NOTED FOR OTHERS. MOUNT SUPPORTS TO STRUCTURE MASONRY WITH TOGGLE BOLTS ON HOLLOW MASONRY, EXPANSION SHIELDS OR INSERTS IN CONCRETE AND BRICK, MACHINE SCREWS ON METAL, BEAM CLAMPS ON FRAMEWORK, WOOD SCREWS ON WOOD, AND PAN THROUGH STRAPS IN METAL DECK. NAILS, RAWL PLUGS OR WOOD PLUGS SHALL NOT BE PERMITTED, WHERE REQUIRED BY STRUCTURE, FURNISH THROUGH BOLTS AND FISH PLATES.

EXPOSED RACEWAYS SHALL BE RUN PARALLEL WITH OR AT RIGHT ANGLES TO WALLS. PROVIDE CLEARANCE WITH WATER, STEAM OR OTHER PIPING (MINIMUM 3 IN. SEPARATION FROM STEAM AND HOT WATER PIPES, EXCEPT 1 IN. FROM PIPE COVER AT CROSSINGS AND 16 IN. FOR PARALLEL RUNS). FOR HUNG CEILING OUTLETS, RUN IN HUNG CEILING AND CONNECT TO CEILING SUPPORT CHANNELS. IN MASONRY AND POURED CONCRETE, RUN VERTICALLY ONLY.

MAINTAIN GROUNDING CONTINUITY OF INTERRUPTED METALLIC RACEWAYS WITH GROUND CONDUCTOR, AND IN FLEXIBLE CONDUIT FOR FEEDERS AND MOTOR TERMINAL CONNECTIONS.

EMPTY RACEWAYS OVER 10 FT LONG: PROVIDE FISH OR PULL WIRE, GALVANIZED OR NYLON ROPE.

RIGID STEEL CONDUIT SHALL BE PERMITTED FOR FEEDERS AND BRANCH CIRCUITS. PAINT MALE THREADS OF FIELD-THREADED CONDUIT WITH GRAPHITE-BASE PIPE COMPOUND AND BUTT CONDUIT ENDS. TOUCH UP MARRED SURFACES AND FIELD-CUT THREADS, CRC-COLD GALVANIZED.

EMT SHALL BE PERMITTED FOR BRANCH CIRCUITS ONLY, IN DRY LOCATIONS, DRY WALLS, HUNG CEILINGS, HOLLOW BLOCK WALLS AND FURRED SPACES. EMT SHALL NOT BE PERMITTED IN RAISED FLOORS.

FLEXIBLE STEEL CONDUIT SHALL BE UTILIZED FOR SHORT CONNECTIONS WHERE RIGID CONDUIT IS IMPRACTICAL. FROM OUTLET BOX TO RECESSED LIGHTING FIXTURE: PROVIDE MINIMUM 4 FT AND MAXIMUM 6 FT LENGTHS. FOR FINAL CONNECTION TO MOTOR TERMINAL BOX, TRANSFORMER AND OTHER VIBRATING EQUIPMENT: PROVIDE WITH POLYVINYL SHEATHING AND GROUND CONDUCTOR. MINIMUM LENGTH: 18 IN. WITH SLACK. CONNECT GROUND CONDUCTOR TO ENCLOSURE OR RACEWAY AT EACH END. FOR EXPANSION JOINT CROSSINGS, CROSS AT RIGHT ANGLES AND ANCHOR ENDS.

CUT CONDUIT ENDS SQUARE, REAM SMOOTH, PAINT MALE THREADS OF FIELD THREADED RACEWAYS WITH GRAPHITE BASE PIPE COMPOUND. DRAW UP TIGHT WITH RACEWAY COUPLING.

ALL COUPLINGS SHALL BE THREADED COMPRESSION TYPE. SET SCREW TYPE NOT PERMITTED.

EXPANSION FITTINGS SHALL BE INSTALLED AT RIGHT ANGLES WITH CLIP JOINT CENTERED IN EXPANSION JOINT. PROVIDE A BOND IN ACCORDANCE WITH MANUFACTURER'S RECOMMENDATION. PRESET FITTINGS SHALL ALLOW FOR TEMPERATURE VARIATION. RACEWAYS PASSING THROUGH FIRE-RATED CONSTRUCTION: SEAL OPENING WITH FIRE SEALANT.

ERECT WALL AND SWITCH OUTLETS IN ADVANCE OF FURRING AND FIREPROOFING. OUTLET BOXES SHALL BE SET SQUARE AND TRUE WITH BUILDING FINISH. SECURE TO BUILDING STRUCTURE BY ADJUSTABLE STRAP IRON OR GROUT IN WITH MASONRY. VERIFY OUTLET LOCATIONS IN FINISHED SPACES WITH ARCHITECTURAL DRAWINGS OF INTERIOR DETAILS AND FINISHES. PROVIDE BARRIERS BETWEEN SWITCHES CONNECTED TO DIFFERENT PHASES FOR VOLTAGES EXCEEDING 150 VOLTS TO GROUND.

D. PANEL, JUNCTION AND PULL BOXES SHALL BE LOCATED CLEAR OF OTHER TRADES. CONCEAL JUNCTION AND PULL BOXES IN FINISHED SPACES. WHERE NECESSARY, REROUTE RACEWAYS OR MAKE OTHER ARRANGEMENTS FOR CONCEALMENT. BOXES SHALL BE ACCESSIBLE. SUPPORT BOXES FROM BUILDING STRUCTURE, INDEPENDENT OF CONDUIT. PROVIDE FLOOR-TO- CEILING CHANNELS FOR MOUNTING ON DRYWALL AND LIGHTWEIGHT CONSTRUCTION. OUTLET BOXES FOR FIXTURES RECESSED IN HUNG CEILINGS SHALL BE ACCESSIBLE THROUGH OPENING CREATED BY REMOVAL OF FIXTURE. SECURE TO BLACK IRON SUPPORT. MOTOR TERMINAL BOXES: COORDINATE WITH MOTOR BRANCH CIRCUIT CONDUIT AND WIRING; ADD BOX VOLUME WHERE REQUIRED.

F. FIRE SEALANTS: PROVIDE FOR RACEWAYS AND WIRE PASSING THROUGH FLOOR SLOTS, SLEEVES OR OPENINGS IN FIRE-PARTITIONS ROOMS.

G. PERFORM CONTINUITY TESTS OF RESISTANCE OF FEEDER CONDUITS FROM SERVICE TO POINT OF FINAL DISTRIBUTION USING 1 CONDUCTOR RETURN. MAXIMUM RESISTANCE SHALL BE 25 OHMS.

BAM
Creative
4515 SPRING ST
SUITE 400
LOS ANGELES, CA
90012
T: 213.405.
www.BAMCREATI
INSTIL BIO
OFFICE AND PANTRY
1535 RANCHO CONEJO BLVD. T: 323.419.0605
SUITE A
THOUSAND OAKS, CA 90032
Project No. 21.099.00
FISKAA
FISKAA ENGINEERING 800 S. FIGUEROA ST., SUITE 1080 LOS ANGELES, CA 90017 213.388.5800 WWW.FISKAA.COM
copyright date: 01.01.2020
ISSUANCES
No. Date	Description
01 08/13/21	ISSUE FOR BID/PERMIT
02 10/19/21	PERMIT RESUBMISSION
03 11/10/21	MECHANICAL RELOCATION
04 11/18/21	ISSUE FOR CONSTRUCTION
05 12/10/21	SUPPLEMENTAL PERMIT
REVISIONS
No. Date	Description
All drawings and written materials appearing herein constitute the original and unpublished work of the architect and may not be duplicated, used or disclosed without the written consent of BAM Architecture Studio.
ELECTRICAL
SPECIFICATIONS
SHEET 1 OF 2
E-101
